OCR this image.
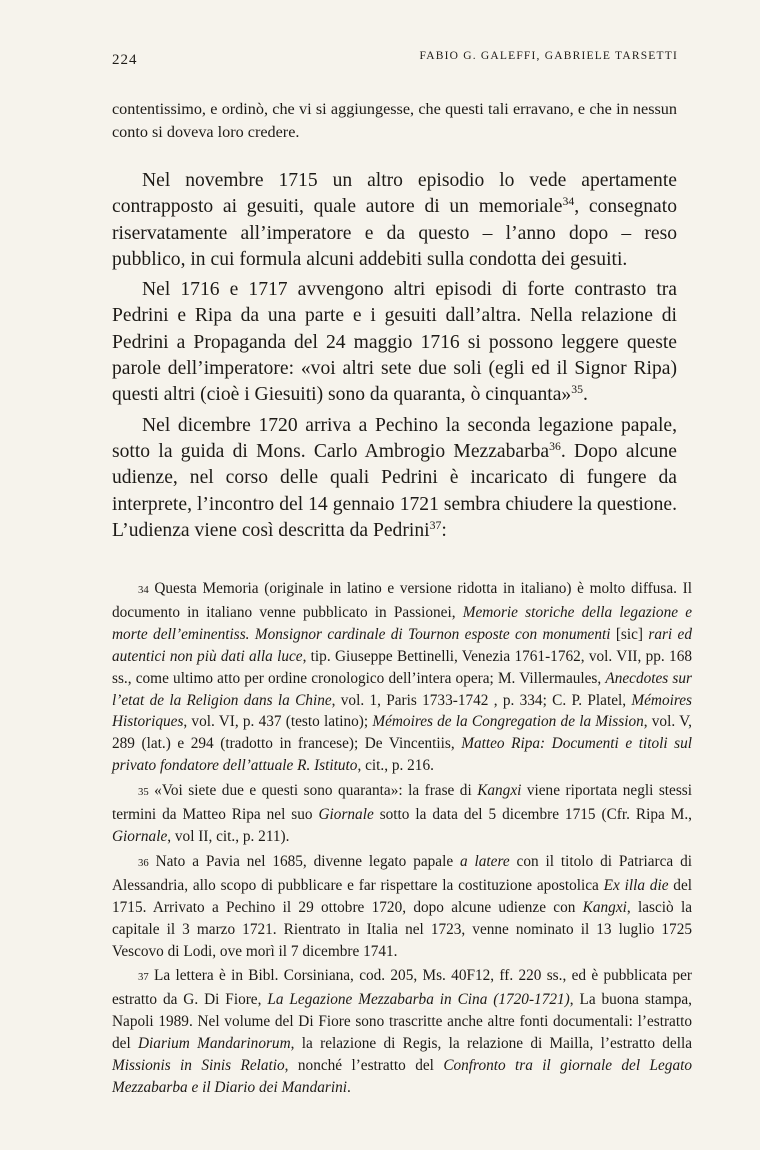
224	FABIO G. GALEFFI, GABRIELE TARSETTI
contentissimo, e ordinò, che vi si aggiungesse, che questi tali erravano, e che in nessun conto si doveva loro credere.

Nel novembre 1715 un altro episodio lo vede apertamente contrapposto ai gesuiti, quale autore di un memoriale$^{34}$, consegnato riservatamente all’imperatore e da questo – l’anno dopo – reso pubblico, in cui formula alcuni addebiti sulla condotta dei gesuiti.

Nel 1716 e 1717 avvengono altri episodi di forte contrasto tra Pedrini e Ripa da una parte e i gesuiti dall’altra. Nella relazione di Pedrini a Propaganda del 24 maggio 1716 si possono leggere queste parole dell’imperatore: «voi altri sete due soli (egli ed il Signor Ripa) questi altri (cioè i Giesuiti) sono da quaranta, ò cinquanta»$^{35}$.

Nel dicembre 1720 arriva a Pechino la seconda legazione papale, sotto la guida di Mons. Carlo Ambrogio Mezzabarba$^{36}$. Dopo alcune udienze, nel corso delle quali Pedrini è incaricato di fungere da interprete, l’incontro del 14 gennaio 1721 sembra chiudere la questione. L’udienza viene così descritta da Pedrini$^{37}$:

34 Questa Memoria (originale in latino e versione ridotta in italiano) è molto diffusa. Il documento in italiano venne pubblicato in Passionei, Memorie storiche della legazione e morte dell’eminentiss. Monsignor cardinale di Tournon esposte con monumenti [sic] rari ed autentici non più dati alla luce, tip. Giuseppe Bettinelli, Venezia 1761-1762, vol. VII, pp. 168 ss., come ultimo atto per ordine cronologico dell’intera opera; M. Villermaules, Anecdotes sur l’etat de la Religion dans la Chine, vol. 1, Paris 1733-1742 , p. 334; C. P. Platel, Mémoires Historiques, vol. VI, p. 437 (testo latino); Mémoires de la Congregation de la Mission, vol. V, 289 (lat.) e 294 (tradotto in francese); De Vincentiis, Matteo Ripa: Documenti e titoli sul privato fondatore dell’attuale R. Istituto, cit., p. 216.

35 «Voi siete due e questi sono quaranta»: la frase di Kangxi viene riportata negli stessi termini da Matteo Ripa nel suo Giornale sotto la data del 5 dicembre 1715 (Cfr. Ripa M., Giornale, vol II, cit., p. 211).

36 Nato a Pavia nel 1685, divenne legato papale a latere con il titolo di Patriarca di Alessandria, allo scopo di pubblicare e far rispettare la costituzione apostolica Ex illa die del 1715. Arrivato a Pechino il 29 ottobre 1720, dopo alcune udienze con Kangxi, lasciò la capitale il 3 marzo 1721. Rientrato in Italia nel 1723, venne nominato il 13 luglio 1725 Vescovo di Lodi, ove morì il 7 dicembre 1741.

37 La lettera è in Bibl. Corsiniana, cod. 205, Ms. 40F12, ff. 220 ss., ed è pubblicata per estratto da G. Di Fiore, La Legazione Mezzabarba in Cina (1720-1721), La buona stampa, Napoli 1989. Nel volume del Di Fiore sono trascritte anche altre fonti documentali: l’estratto del Diarium Mandarinorum, la relazione di Regis, la relazione di Mailla, l’estratto della Missionis in Sinis Relatio, nonché l’estratto del Confronto tra il giornale del Legato Mezzabarba e il Diario dei Mandarini.
